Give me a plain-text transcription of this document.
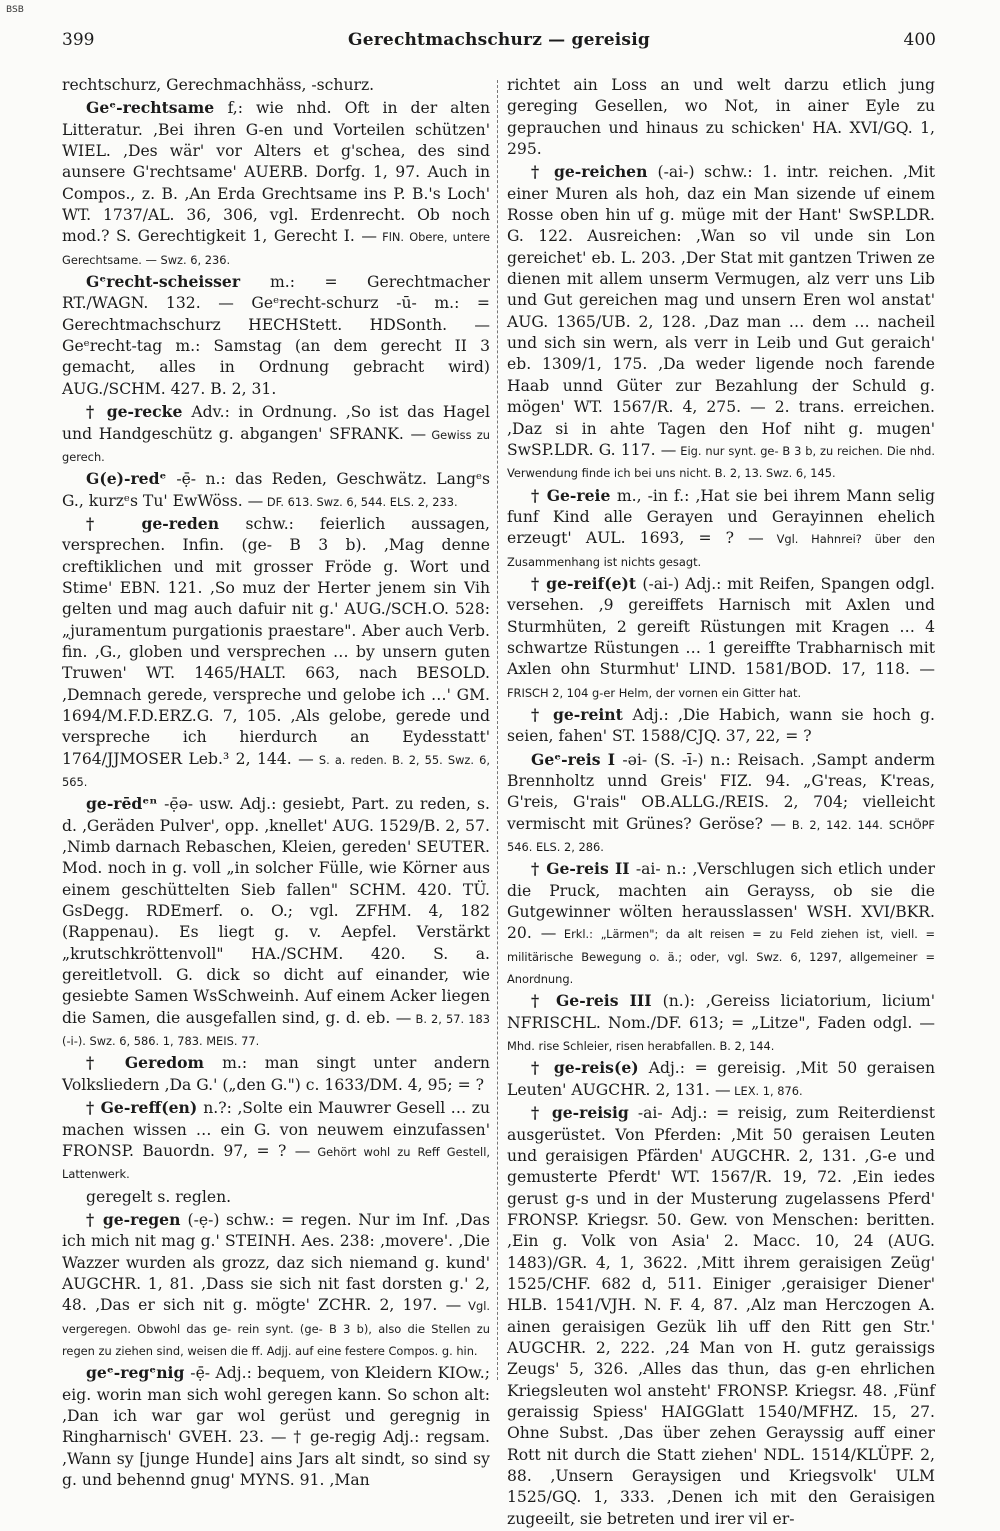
BSB
399	Gerechtmachschurz — gereisig	400

rechtschurz, Gerechmachhäss, -schurz.

Geᵉ-rechtsame f,: wie nhd. Oft in der alten Litteratur. ‚Bei ihren G-en und Vorteilen schützen' WIEL. ‚Des wär' vor Alters et g'schea, des sind aunsere G'rechtsame' AUERB. Dorfg. 1, 97. Auch in Compos., z. B. ‚An Erda Grechtsame ins P. B.'s Loch' WT. 1737/AL. 36, 306, vgl. Erdenrecht. Ob noch mod.? S. Gerechtigkeit 1, Gerecht I. — FlN. Obere, untere Gerechtsame. — Swz. 6, 236.

Gᵉrecht-scheisser m.: = Gerechtmacher RT./WAGN. 132. — Geᵉrecht-schurz -ū- m.: = Gerechtmachschurz HECHStett. HDSonth. — Geᵉrecht-tag m.: Samstag (an dem gerecht II 3 gemacht, alles in Ordnung gebracht wird) AUG./SCHM. 427. B. 2, 31.

† ge-recke Adv.: in Ordnung. ‚So ist das Hagel und Handgeschütz g. abgangen' SFRANK. — Gewiss zu gerech.

G(e)-redᵉ -ẹ̄- n.: das Reden, Geschwätz. Langᵉs G., kurzᵉs Tu' EwWöss. — DF. 613. Swz. 6, 544. ELS. 2, 233.

† ge-reden schw.: feierlich aussagen, versprechen. Infin. (ge- B 3 b). ‚Mag denne creftiklichen und mit grosser Fröde g. Wort und Stime' EBN. 121. ‚So muz der Herter jenem sin Vih gelten und mag auch dafuir nit g.' AUG./SCH.O. 528: „juramentum purgationis praestare". Aber auch Verb. fin. ‚G., globen und versprechen … by unsern guten Truwen' WT. 1465/HALT. 663, nach BESOLD. ‚Demnach gerede, verspreche und gelobe ich …' GM. 1694/M.F.D.ERZ.G. 7, 105. ‚Als gelobe, gerede und verspreche ich hierdurch an Eydesstatt' 1764/JJMOSER Leb.³ 2, 144. — S. a. reden. B. 2, 55. Swz. 6, 565.

ge-rēdᵉⁿ -ẹ̄ə- usw. Adj.: gesiebt, Part. zu reden, s. d. ‚Geräden Pulver', opp. ‚knellet' AUG. 1529/B. 2, 57. ‚Nimb darnach Rebaschen, Kleien, gereden' SEUTER. Mod. noch in g. voll „in solcher Fülle, wie Körner aus einem geschüttelten Sieb fallen" SCHM. 420. TÜ. GsDegg. RDEmerf. o. O.; vgl. ZFHM. 4, 182 (Rappenau). Es liegt g. v. Aepfel. Verstärkt „krutschkröttenvoll" HA./SCHM. 420. S. a. gereitletvoll. G. dick so dicht auf einander, wie gesiebte Samen WsSchweinh. Auf einem Acker liegen die Samen, die ausgefallen sind, g. d. eb. — B. 2, 57. 183 (-i-). Swz. 6, 586. 1, 783. MEIS. 77.

† Geredom m.: man singt unter andern Volksliedern ‚Da G.' („den G.") c. 1633/DM. 4, 95; = ?

† Ge-reff(en) n.?: ‚Solte ein Mauwrer Gesell … zu machen wissen … ein G. von neuwem einzufassen' FRONSP. Bauordn. 97, = ? — Gehört wohl zu Reff Gestell, Lattenwerk.

geregelt s. reglen.

† ge-regen (-ẹ-) schw.: = regen. Nur im Inf. ‚Das ich mich nit mag g.' STEINH. Aes. 238: ‚movere'. ‚Die Wazzer wurden als grozz, daz sich niemand g. kund' AUGCHR. 1, 81. ‚Dass sie sich nit fast dorsten g.' 2, 48. ‚Das er sich nit g. mögte' ZCHR. 2, 197. — Vgl. vergeregen. Obwohl das ge- rein synt. (ge- B 3 b), also die Stellen zu regen zu ziehen sind, weisen die ff. Adjj. auf eine festere Compos. g. hin.

geᵉ-regᵉnig -ẹ̄- Adj.: bequem, von Kleidern KIOw.; eig. worin man sich wohl geregen kann. So schon alt: ‚Dan ich war gar wol gerüst und geregnig in Ringharnisch' GVEH. 23. — † ge-regig Adj.: regsam. ‚Wann sy [junge Hunde] ains Jars alt sindt, so sind sy g. und behennd gnug' MYNS. 91. ‚Man

richtet ain Loss an und welt darzu etlich jung gereging Gesellen, wo Not, in ainer Eyle zu geprauchen und hinaus zu schicken' HA. XVI/GQ. 1, 295.

† ge-reichen (-ai-) schw.: 1. intr. reichen. ‚Mit einer Muren als hoh, daz ein Man sizende uf einem Rosse oben hin uf g. müge mit der Hant' SwSP.LDR. G. 122. Ausreichen: ‚Wan so vil unde sin Lon gereichet' eb. L. 203. ‚Der Stat mit gantzen Triwen ze dienen mit allem unserm Vermugen, alz verr uns Lib und Gut gereichen mag und unsern Eren wol anstat' AUG. 1365/UB. 2, 128. ‚Daz man … dem … nacheil und sich sin wern, als verr in Leib und Gut geraich' eb. 1309/1, 175. ‚Da weder ligende noch farende Haab unnd Güter zur Bezahlung der Schuld g. mögen' WT. 1567/R. 4, 275. — 2. trans. erreichen. ‚Daz si in ahte Tagen den Hof niht g. mugen' SwSP.LDR. G. 117. — Eig. nur synt. ge- B 3 b, zu reichen. Die nhd. Verwendung finde ich bei uns nicht. B. 2, 13. Swz. 6, 145.

† Ge-reie m., -in f.: ‚Hat sie bei ihrem Mann selig funf Kind alle Gerayen und Gerayinnen ehelich erzeugt' AUL. 1693, = ? — Vgl. Hahnrei? über den Zusammenhang ist nichts gesagt.

† ge-reif(e)t (-ai-) Adj.: mit Reifen, Spangen odgl. versehen. ‚9 gereiffets Harnisch mit Axlen und Sturmhüten, 2 gereift Rüstungen mit Kragen … 4 schwartze Rüstungen … 1 gereiffte Trabharnisch mit Axlen ohn Sturmhut' LIND. 1581/BOD. 17, 118. — FRISCH 2, 104 g-er Helm, der vornen ein Gitter hat.

† ge-reint Adj.: ‚Die Habich, wann sie hoch g. seien, fahen' ST. 1588/CJQ. 37, 22, = ?

Geᵉ-reis I -əi- (S. -ī-) n.: Reisach. ‚Sampt anderm Brennholtz unnd Greis' FIZ. 94. „G'reas, K'reas, G'reis, G'rais" OB.ALLG./REIS. 2, 704; vielleicht vermischt mit Grünes? Geröse? — B. 2, 142. 144. SCHÖPF 546. ELS. 2, 286.

† Ge-reis II -ai- n.: ‚Verschlugen sich etlich under die Pruck, machten ain Gerayss, ob sie die Gutgewinner wölten herausslassen' WSH. XVI/BKR. 20. — Erkl.: „Lärmen"; da alt reisen = zu Feld ziehen ist, viell. = militärische Bewegung o. ä.; oder, vgl. Swz. 6, 1297, allgemeiner = Anordnung.

† Ge-reis III (n.): ‚Gereiss liciatorium, licium' NFRISCHL. Nom./DF. 613; = „Litze", Faden odgl. — Mhd. rise Schleier, risen herabfallen. B. 2, 144.

† ge-reis(e) Adj.: = gereisig. ‚Mit 50 geraisen Leuten' AUGCHR. 2, 131. — LEX. 1, 876.

† ge-reisig -ai- Adj.: = reisig, zum Reiterdienst ausgerüstet. Von Pferden: ‚Mit 50 geraisen Leuten und geraisigen Pfärden' AUGCHR. 2, 131. ‚G-e und gemusterte Pferdt' WT. 1567/R. 19, 72. ‚Ein iedes gerust g-s und in der Musterung zugelassens Pferd' FRONSP. Kriegsr. 50. Gew. von Menschen: beritten. ‚Ein g. Volk von Asia' 2. Macc. 10, 24 (AUG. 1483)/GR. 4, 1, 3622. ‚Mitt ihrem geraisigen Zeüg' 1525/CHF. 682 d, 511. Einiger ‚geraisiger Diener' HLB. 1541/VJH. N. F. 4, 87. ‚Alz man Herczogen A. ainen geraisigen Gezük lih uff den Ritt gen Str.' AUGCHR. 2, 222. ‚24 Man von H. gutz geraissigs Zeugs' 5, 326. ‚Alles das thun, das g-en ehrlichen Kriegsleuten wol ansteht' FRONSP. Kriegsr. 48. ‚Fünf geraissig Spiess' HAIGGlatt 1540/MFHZ. 15, 27. Ohne Subst. ‚Das über zehen Gerayssig auff einer Rott nit durch die Statt ziehen' NDL. 1514/KLÜPF. 2, 88. ‚Unsern Geraysigen und Kriegsvolk' ULM 1525/GQ. 1, 333. ‚Denen ich mit den Geraisigen zugeeilt, sie betreten und irer vil er-
